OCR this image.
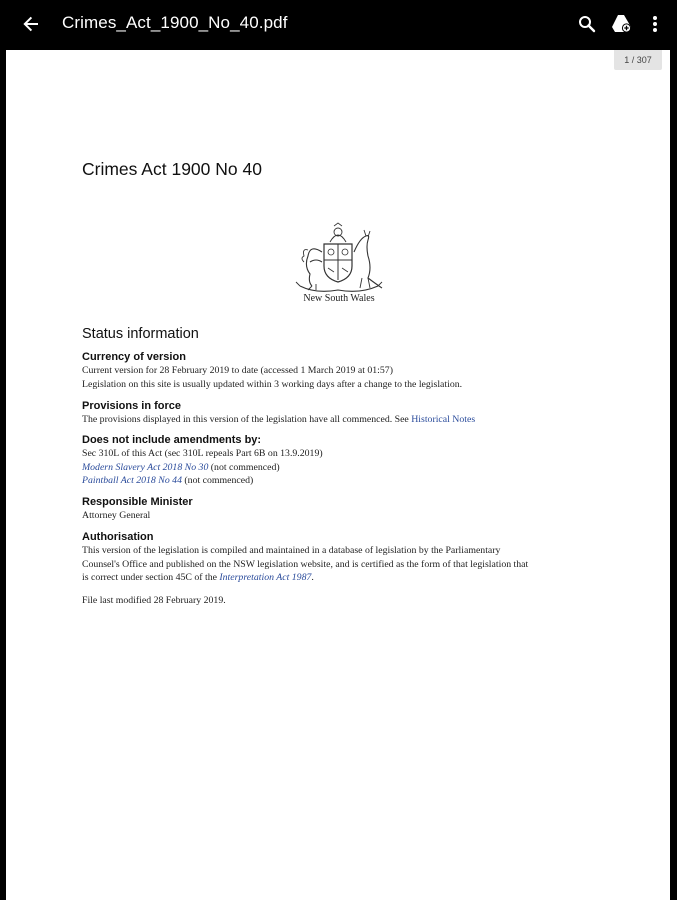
Crimes_Act_1900_No_40.pdf
1 / 307
Crimes Act 1900 No 40
New South Wales
Status information
Currency of version
Current version for 28 February 2019 to date (accessed 1 March 2019 at 01:57)
Legislation on this site is usually updated within 3 working days after a change to the legislation.
Provisions in force
The provisions displayed in this version of the legislation have all commenced. See Historical Notes
Does not include amendments by:
Sec 310L of this Act (sec 310L repeals Part 6B on 13.9.2019)
Modern Slavery Act 2018 No 30 (not commenced)
Paintball Act 2018 No 44 (not commenced)
Responsible Minister
Attorney General
Authorisation
This version of the legislation is compiled and maintained in a database of legislation by the Parliamentary
Counsel's Office and published on the NSW legislation website, and is certified as the form of that legislation that
is correct under section 45C of the Interpretation Act 1987.
File last modified 28 February 2019.
